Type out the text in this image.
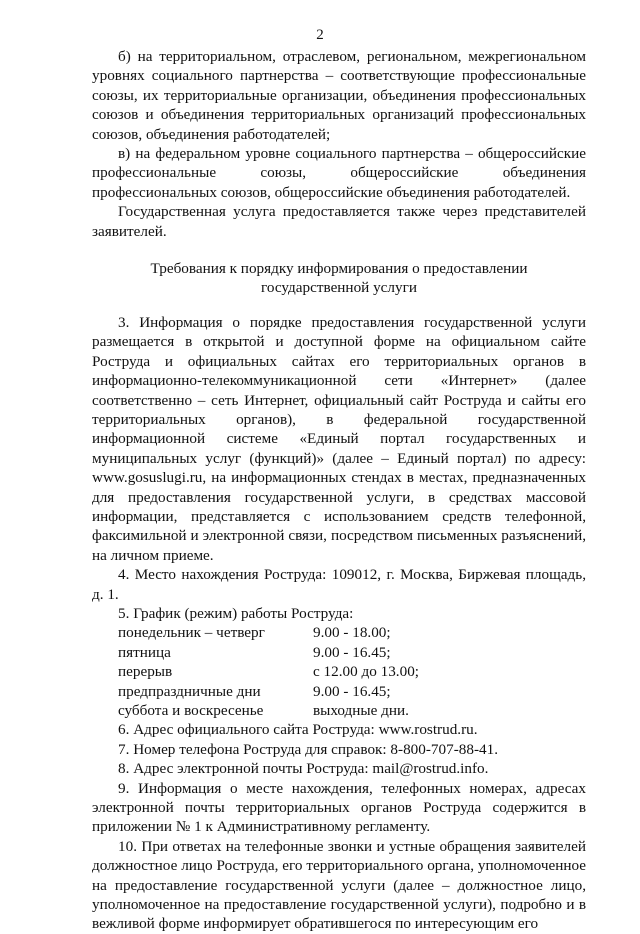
2

б) на территориальном, отраслевом, региональном, межрегиональном уровнях социального партнерства – соответствующие профессиональные союзы, их территориальные организации, объединения профессиональных союзов и объединения территориальных организаций профессиональных союзов, объединения работодателей;

в) на федеральном уровне социального партнерства – общероссийские профессиональные союзы, общероссийские объединения профессиональных союзов, общероссийские объединения работодателей.

Государственная услуга предоставляется также через представителей заявителей.

Требования к порядку информирования о предоставлении

государственной услуги

3. Информация о порядке предоставления государственной услуги размещается в открытой и доступной форме на официальном сайте Роструда и официальных сайтах его территориальных органов в информационно-телекоммуникационной сети «Интернет» (далее соответственно – сеть Интернет, официальный сайт Роструда и сайты его территориальных органов), в федеральной государственной информационной системе «Единый портал государственных и муниципальных услуг (функций)» (далее – Единый портал) по адресу: www.gosuslugi.ru, на информационных стендах в местах, предназначенных для предоставления государственной услуги, в средствах массовой информации, представляется с использованием средств телефонной, факсимильной и электронной связи, посредством письменных разъяснений, на личном приеме.

4. Место нахождения Роструда: 109012, г. Москва, Биржевая площадь, д. 1.

5. График (режим) работы Роструда:

понедельник – четверг	9.00 - 18.00;
пятница	9.00 - 16.45;
перерыв	с 12.00 до 13.00;
предпраздничные дни	9.00 - 16.45;
суббота и воскресенье	выходные дни.

6. Адрес официального сайта Роструда: www.rostrud.ru.

7. Номер телефона Роструда для справок: 8-800-707-88-41.

8. Адрес электронной почты Роструда: mail@rostrud.info.

9. Информация о месте нахождения, телефонных номерах, адресах электронной почты территориальных органов Роструда содержится в приложении № 1 к Административному регламенту.

10. При ответах на телефонные звонки и устные обращения заявителей должностное лицо Роструда, его территориального органа, уполномоченное на предоставление государственной услуги (далее – должностное лицо, уполномоченное на предоставление государственной услуги), подробно и в вежливой форме информирует обратившегося по интересующим его
